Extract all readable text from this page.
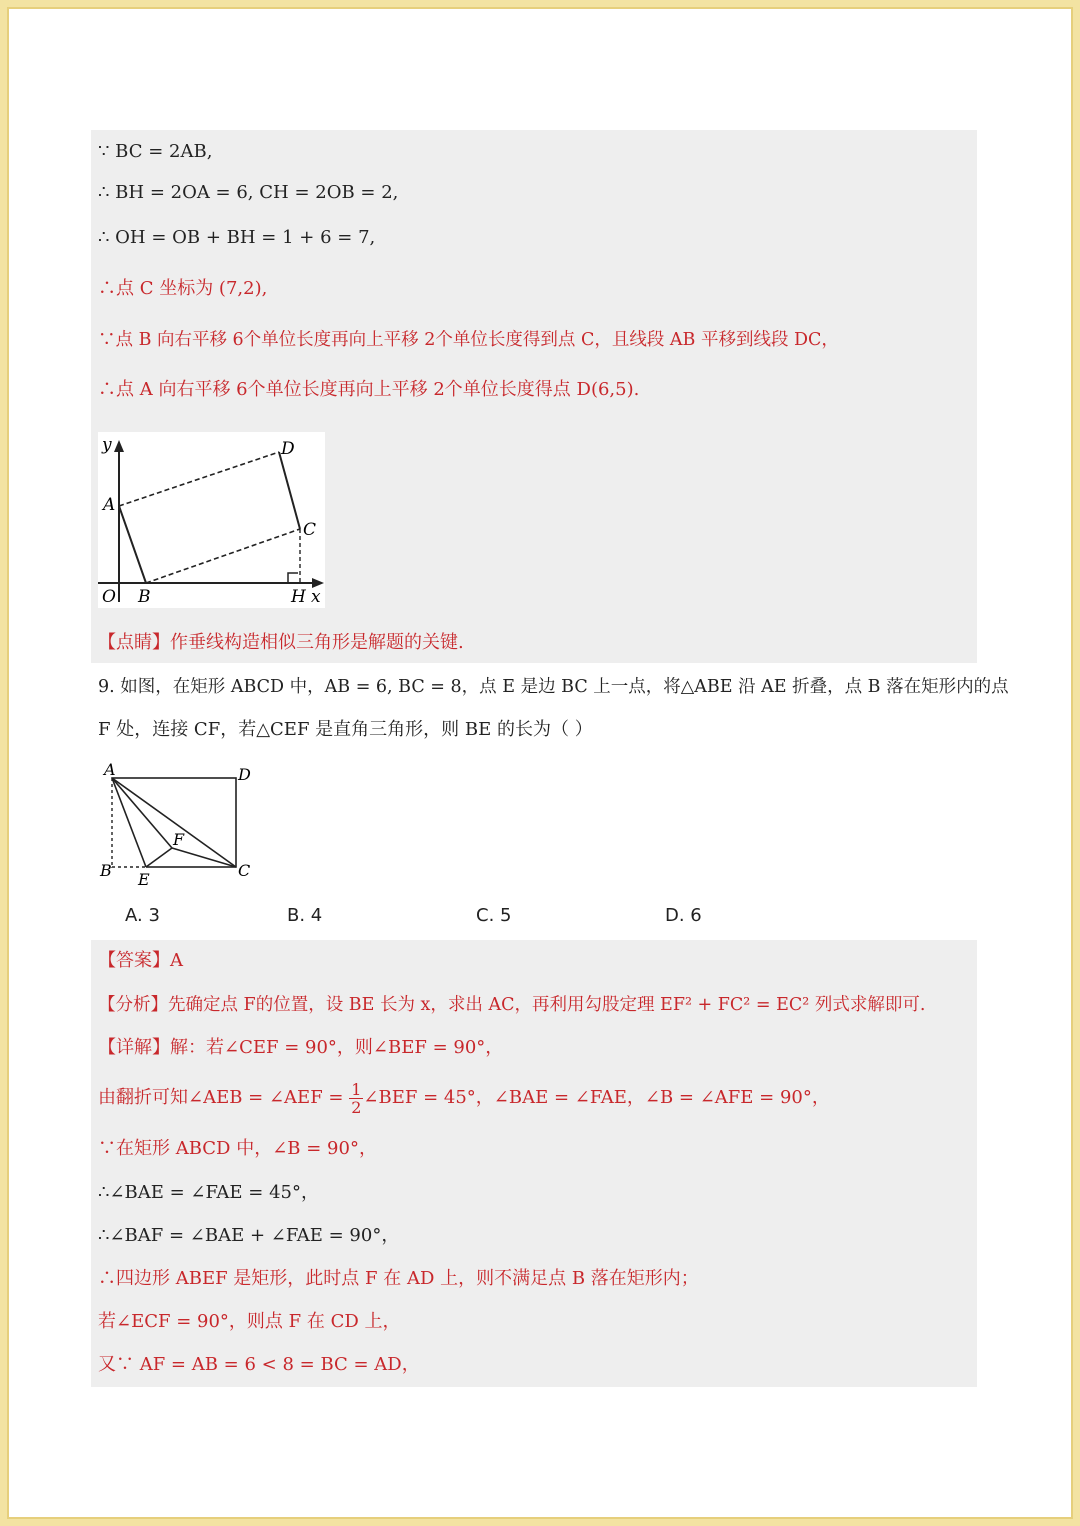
∵ BC = 2AB,
∴ BH = 2OA = 6, CH = 2OB = 2,
∴ OH = OB + BH = 1 + 6 = 7,
∴点 C 坐标为 (7,2),
∵点 B 向右平移 6个单位长度再向上平移 2个单位长度得到点 C，且线段 AB 平移到线段 DC，
∴点 A 向右平移 6个单位长度再向上平移 2个单位长度得点 D(6,5).
y
A
D
C
O B	H x
【点睛】作垂线构造相似三角形是解题的关键.
9. 如图，在矩形 ABCD 中，AB = 6, BC = 8，点 E 是边 BC 上一点，将△ABE 沿 AE 折叠，点 B 落在矩形内的点
F 处，连接 CF，若△CEF 是直角三角形，则 BE 的长为（ ）
A	D
F
B E	C
A. 3	B. 4	C. 5	D. 6
【答案】A
【分析】先确定点 F的位置，设 BE 长为 x，求出 AC，再利用勾股定理 EF² + FC² = EC² 列式求解即可.
【详解】解：若∠CEF = 90°，则∠BEF = 90°，
由翻折可知∠AEB = ∠AEF = $\frac{1}{2}$ ∠BEF = 45°，∠BAE = ∠FAE，∠B = ∠AFE = 90°，
∵在矩形 ABCD 中，∠B = 90°，
∴∠BAE = ∠FAE = 45°，
∴∠BAF = ∠BAE + ∠FAE = 90°，
∴四边形 ABEF 是矩形，此时点 F 在 AD 上，则不满足点 B 落在矩形内；
若∠ECF = 90°，则点 F 在 CD 上，
又∵ AF = AB = 6 < 8 = BC = AD，
